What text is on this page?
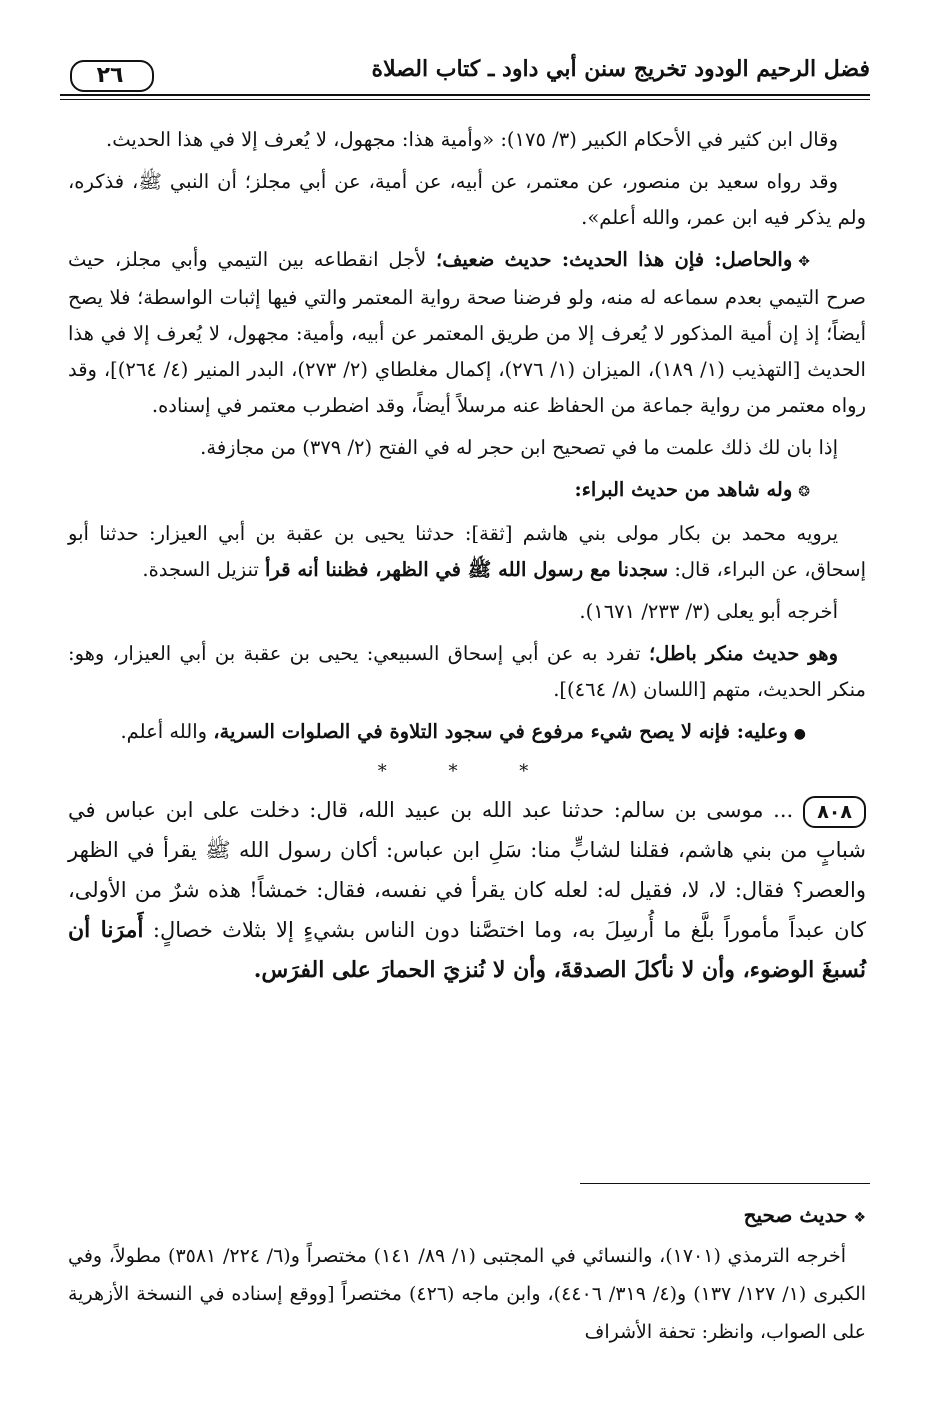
فضل الرحيم الودود تخريج سنن أبي داود ـ كتاب الصلاة
٢٦

وقال ابن كثير في الأحكام الكبير (٣/ ١٧٥): «وأمية هذا: مجهول، لا يُعرف إلا في هذا الحديث.

وقد رواه سعيد بن منصور، عن معتمر، عن أبيه، عن أمية، عن أبي مجلز؛ أن النبي ﷺ، فذكره، ولم يذكر فيه ابن عمر، والله أعلم».

✥والحاصل: فإن هذا الحديث: حديث ضعيف؛ لأجل انقطاعه بين التيمي وأبي مجلز، حيث صرح التيمي بعدم سماعه له منه، ولو فرضنا صحة رواية المعتمر والتي فيها إثبات الواسطة؛ فلا يصح أيضاً؛ إذ إن أمية المذكور لا يُعرف إلا من طريق المعتمر عن أبيه، وأمية: مجهول، لا يُعرف إلا في هذا الحديث [التهذيب (١/ ١٨٩)، الميزان (١/ ٢٧٦)، إكمال مغلطاي (٢/ ٢٧٣)، البدر المنير (٤/ ٢٦٤)]، وقد رواه معتمر من رواية جماعة من الحفاظ عنه مرسلاً أيضاً، وقد اضطرب معتمر في إسناده.

إذا بان لك ذلك علمت ما في تصحيح ابن حجر له في الفتح (٢/ ٣٧٩) من مجازفة.

❂وله شاهد من حديث البراء:

يرويه محمد بن بكار مولى بني هاشم [ثقة]: حدثنا يحيى بن عقبة بن أبي العيزار: حدثنا أبو إسحاق، عن البراء، قال: سجدنا مع رسول الله ﷺ في الظهر، فظننا أنه قرأ تنزيل السجدة.

أخرجه أبو يعلى (٣/ ٢٣٣/ ١٦٧١).

وهو حديث منكر باطل؛ تفرد به عن أبي إسحاق السبيعي: يحيى بن عقبة بن أبي العيزار، وهو: منكر الحديث، متهم [اللسان (٨/ ٤٦٤)].

●وعليه: فإنه لا يصح شيء مرفوع في سجود التلاوة في الصلوات السرية، والله أعلم.

* * *

٨٠٨... موسى بن سالم: حدثنا عبد الله بن عبيد الله، قال: دخلت على ابن عباس في شبابٍ من بني هاشم، فقلنا لشابٍّ منا: سَلِ ابن عباس: أكان رسول الله ﷺ يقرأ في الظهر والعصر؟ فقال: لا، لا، فقيل له: لعله كان يقرأ في نفسه، فقال: خمشاً! هذه شرٌ من الأولى، كان عبداً مأموراً بلَّغ ما أُرسِلَ به، وما اختصَّنا دون الناس بشيءٍ إلا بثلاث خصالٍ: أَمرَنا أن نُسبغَ الوضوء، وأن لا نأكلَ الصدقةَ، وأن لا نُنزيَ الحمارَ على الفرَس.

❖حديث صحيح

أخرجه الترمذي (١٧٠١)، والنسائي في المجتبى (١/ ٨٩/ ١٤١) مختصراً و(٦/ ٢٢٤/ ٣٥٨١) مطولاً، وفي الكبرى (١/ ١٢٧/ ١٣٧) و(٤/ ٣١٩/ ٤٤٠٦)، وابن ماجه (٤٢٦) مختصراً [ووقع إسناده في النسخة الأزهرية على الصواب، وانظر: تحفة الأشراف
